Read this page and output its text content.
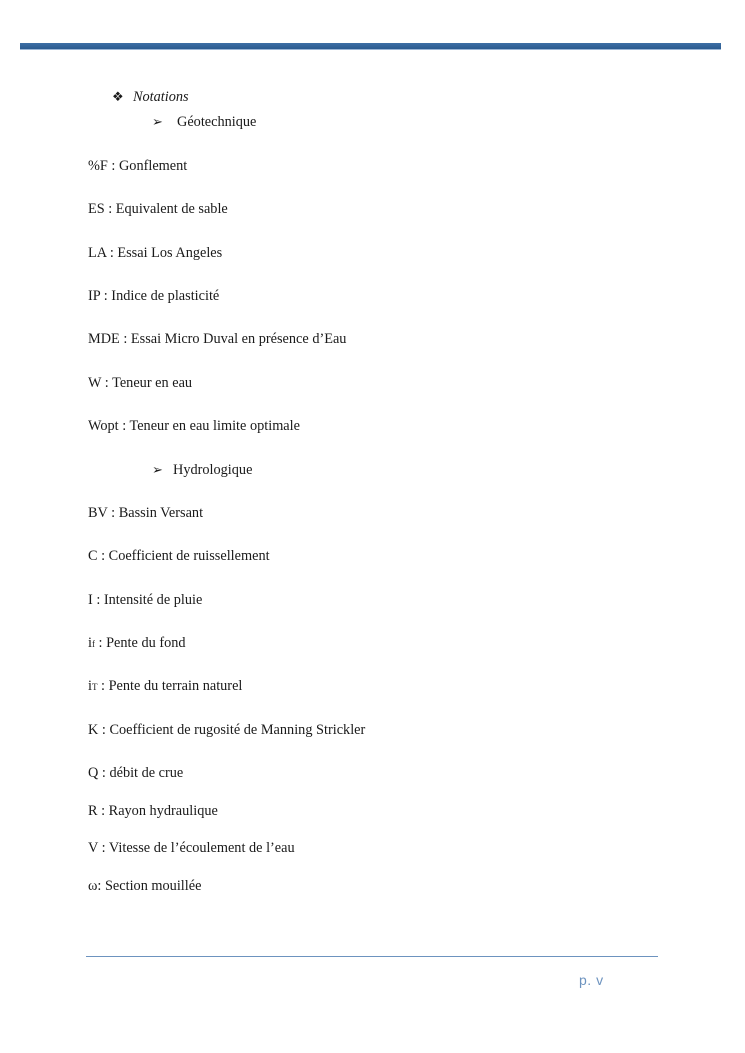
❖ Notations
➢ Géotechnique
%F : Gonflement
ES : Equivalent de sable
LA : Essai Los Angeles
IP : Indice de plasticité
MDE : Essai Micro Duval en présence d’Eau
W : Teneur en eau
Wopt : Teneur en eau limite optimale
➢ Hydrologique
BV : Bassin Versant
C : Coefficient de ruissellement
I : Intensité de pluie
if : Pente du fond
iT : Pente du terrain naturel
K : Coefficient de rugosité de Manning Strickler
Q : débit de crue
R : Rayon hydraulique
V : Vitesse de l’écoulement de l’eau
ω: Section mouillée
p. v
